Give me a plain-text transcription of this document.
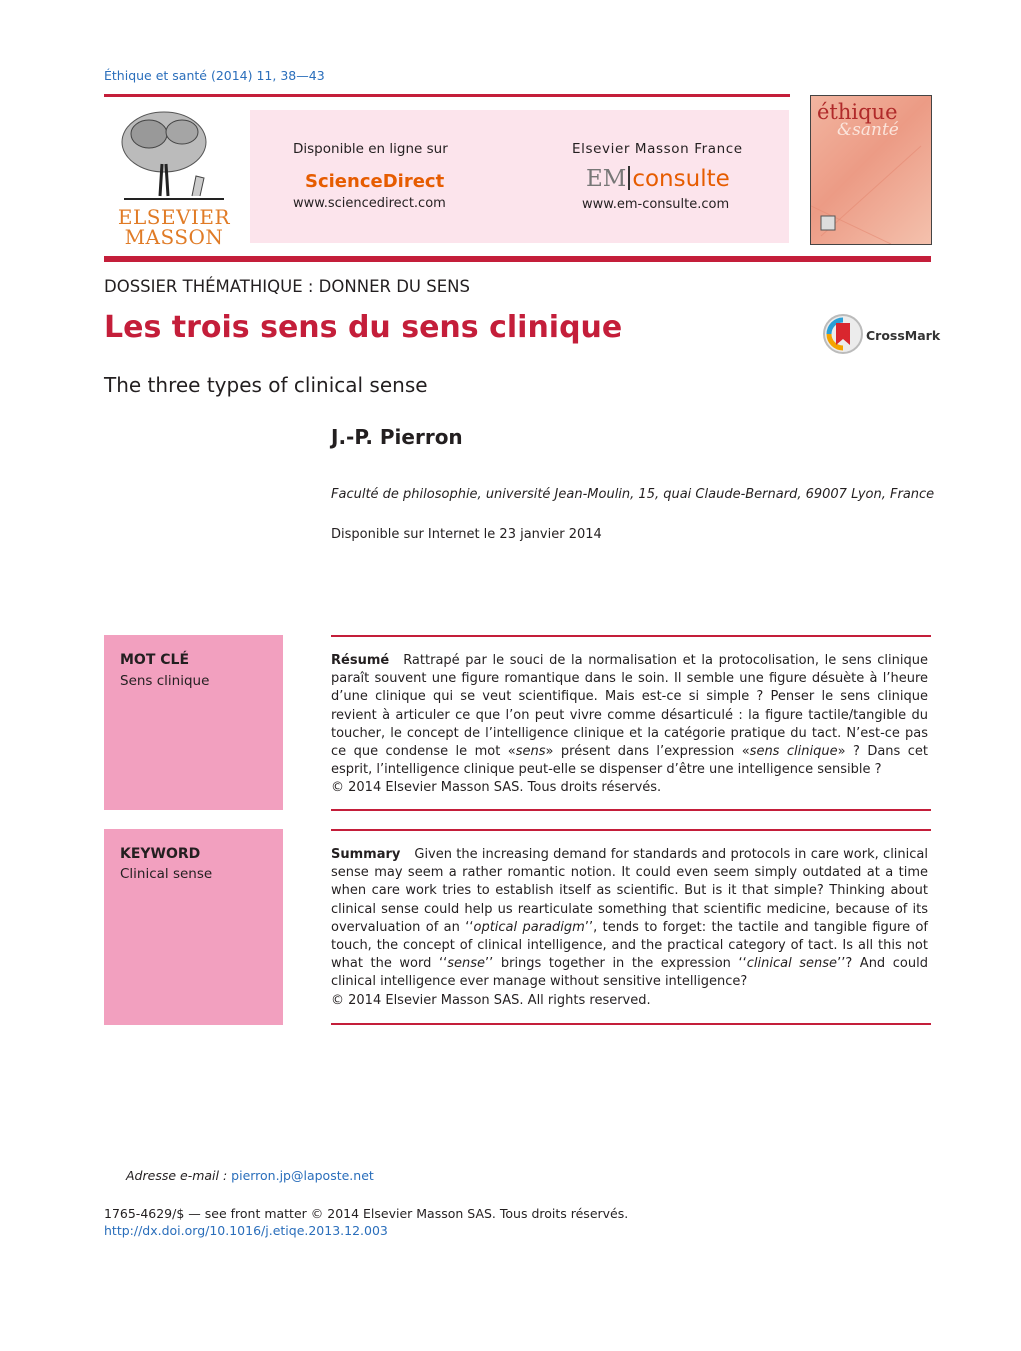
Éthique et santé (2014) 11, 38—43
ELSEVIER
MASSON
Disponible en ligne sur
ScienceDirect
www.sciencedirect.com
Elsevier Masson France
EM consulte
www.em-consulte.com
éthique
&santé
DOSSIER THÉMATHIQUE : DONNER DU SENS
Les trois sens du sens clinique	CrossMark
The three types of clinical sense
J.-P. Pierron
Faculté de philosophie, université Jean-Moulin, 15, quai Claude-Bernard, 69007 Lyon, France
Disponible sur Internet le 23 janvier 2014
MOT CLÉ
Sens clinique
Résumé Rattrapé par le souci de la normalisation et la protocolisation, le sens clinique paraît souvent une figure romantique dans le soin. Il semble une figure désuète à l’heure d’une clinique qui se veut scientifique. Mais est-ce si simple ? Penser le sens clinique revient à articuler ce que l’on peut vivre comme désarticulé : la figure tactile/tangible du toucher, le concept de l’intelligence clinique et la catégorie pratique du tact. N’est-ce pas ce que condense le mot «sens» présent dans l’expression «sens clinique» ? Dans cet esprit, l’intelligence clinique peut-elle se dispenser d’être une intelligence sensible ?
© 2014 Elsevier Masson SAS. Tous droits réservés.
KEYWORD
Clinical sense
Summary Given the increasing demand for standards and protocols in care work, clinical sense may seem a rather romantic notion. It could even seem simply outdated at a time when care work tries to establish itself as scientific. But is it that simple? Thinking about clinical sense could help us rearticulate something that scientific medicine, because of its overvaluation of an ‘‘optical paradigm’’, tends to forget: the tactile and tangible figure of touch, the concept of clinical intelligence, and the practical category of tact. Is all this not what the word ‘‘sense’’ brings together in the expression ‘‘clinical sense’’? And could clinical intelligence ever manage without sensitive intelligence?
© 2014 Elsevier Masson SAS. All rights reserved.
Adresse e-mail : pierron.jp@laposte.net
1765-4629/$ — see front matter © 2014 Elsevier Masson SAS. Tous droits réservés.
http://dx.doi.org/10.1016/j.etiqe.2013.12.003
